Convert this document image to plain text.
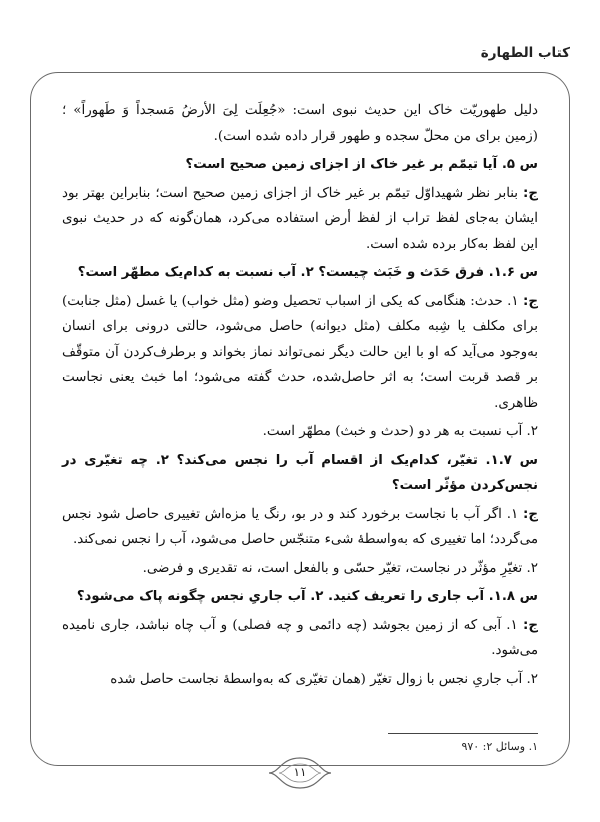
کتاب الطهارة

دلیل طهوریّت خاک این حدیث نبوی است: «جُعِلَت لِیَ الأرضُ مَسجداً وَ طَهوراً» ؛ (زمین برای من محلّ سجده و طهور قرار داده شده است).

س ۵. آیا تیمّم بر غیر خاک از اجزای زمین صحیح است؟

ج: بنابر نظر شهیداوّل تیمّم بر غیر خاک از اجزای زمین صحیح است؛ بنابراین بهتر بود ایشان به‌جای لفظ تراب از لفظ أرض استفاده می‌کرد، همان‌گونه که در حدیث نبوی این لفظ به‌کار برده شده است.

س ۱.۶. فرق حَدَث و خَبَث چیست؟ ۲. آب نسبت به کدام‌یک مطهّر است؟

ج: ۱. حدث: هنگامی که یکی از اسباب تحصیل وضو (مثل خواب) یا غسل (مثل جنابت) برای مکلف یا شِبه مکلف (مثل دیوانه) حاصل می‌شود، حالتی درونی برای انسان به‌وجود می‌آید که او با این حالت دیگر نمی‌تواند نماز بخواند و برطرف‌کردن آن متوقّف بر قصد قربت است؛ به اثر حاصل‌شده، حدث گفته می‌شود؛ اما خبث یعنی نجاست ظاهری.

۲. آب نسبت به هر دو (حدث و خبث) مطهّر است.

س ۱.۷. تغیّر، کدام‌یک از اقسام آب را نجس می‌کند؟ ۲. چه تغیّری در نجس‌کردن مؤثّر است؟

ج: ۱. اگر آب با نجاست برخورد کند و در بو، رنگ یا مزه‌اش تغییری حاصل شود نجس می‌گردد؛ اما تغییری که به‌واسطهٔ شیء متنجّس حاصل می‌شود، آب را نجس نمی‌کند.

۲. تغیّرِ مؤثّر در نجاست، تغیّر حسّی و بالفعل است، نه تقدیری و فرضی.

س ۱.۸. آب جاری را تعریف کنید. ۲. آب جاریِ نجس چگونه پاک می‌شود؟

ج: ۱. آبی که از زمین بجوشد (چه دائمی و چه فصلی) و آب چاه نباشد، جاری نامیده می‌شود.

۲. آب جاریِ نجس با زوال تغیّر (همان تغیّری که به‌واسطهٔ نجاست حاصل شده

۱. وسائل ۲: ۹۷۰
۱۱
